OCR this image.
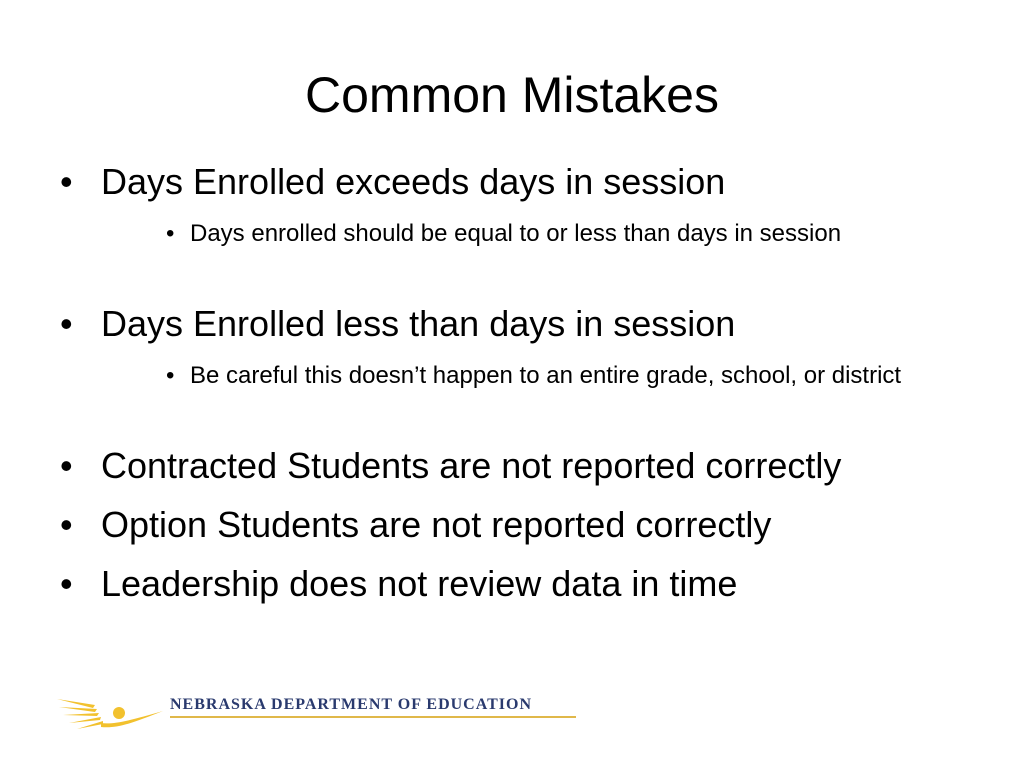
Common Mistakes
• Days Enrolled exceeds days in session
• Days enrolled should be equal to or less than days in session
• Days Enrolled less than days in session
• Be careful this doesn’t happen to an entire grade, school, or district
• Contracted Students are not reported correctly
• Option Students are not reported correctly
• Leadership does not review data in time
NEBRASKA DEPARTMENT OF EDUCATION
